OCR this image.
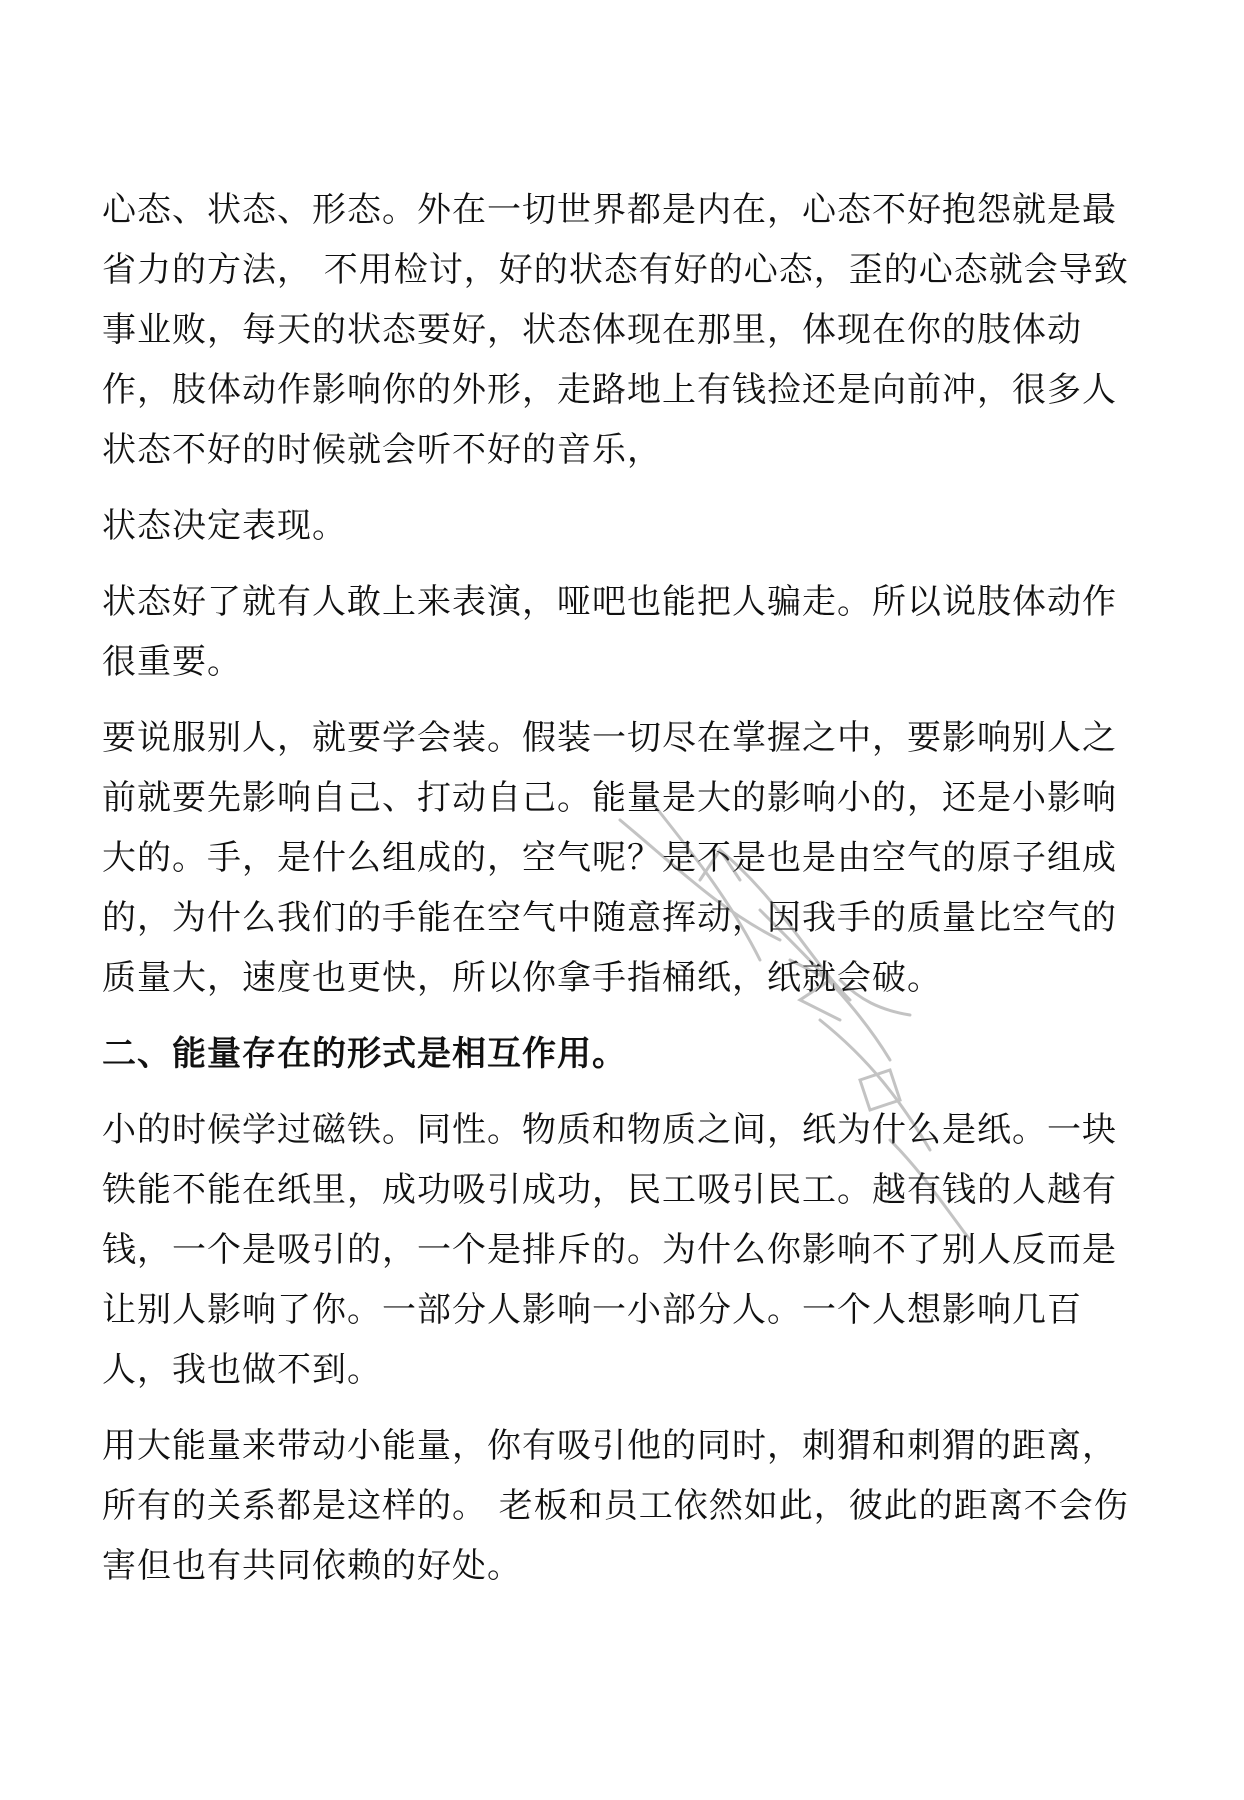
心态、状态、形态。外在一切世界都是内在，心态不好抱怨就是最
省力的方法， 不用检讨，好的状态有好的心态，歪的心态就会导致
事业败，每天的状态要好，状态体现在那里，体现在你的肢体动
作，肢体动作影响你的外形，走路地上有钱捡还是向前冲，很多人
状态不好的时候就会听不好的音乐，

状态决定表现。

状态好了就有人敢上来表演，哑吧也能把人骗走。所以说肢体动作
很重要。

要说服别人，就要学会装。假装一切尽在掌握之中，要影响别人之
前就要先影响自己、打动自己。能量是大的影响小的，还是小影响
大的。手，是什么组成的，空气呢？是不是也是由空气的原子组成
的，为什么我们的手能在空气中随意挥动，因我手的质量比空气的
质量大，速度也更快，所以你拿手指桶纸，纸就会破。

二、能量存在的形式是相互作用。

小的时候学过磁铁。同性。物质和物质之间，纸为什么是纸。一块
铁能不能在纸里，成功吸引成功，民工吸引民工。越有钱的人越有
钱，一个是吸引的，一个是排斥的。为什么你影响不了别人反而是
让别人影响了你。一部分人影响一小部分人。一个人想影响几百
人，我也做不到。

用大能量来带动小能量，你有吸引他的同时，刺猬和刺猬的距离，
所有的关系都是这样的。 老板和员工依然如此，彼此的距离不会伤
害但也有共同依赖的好处。
